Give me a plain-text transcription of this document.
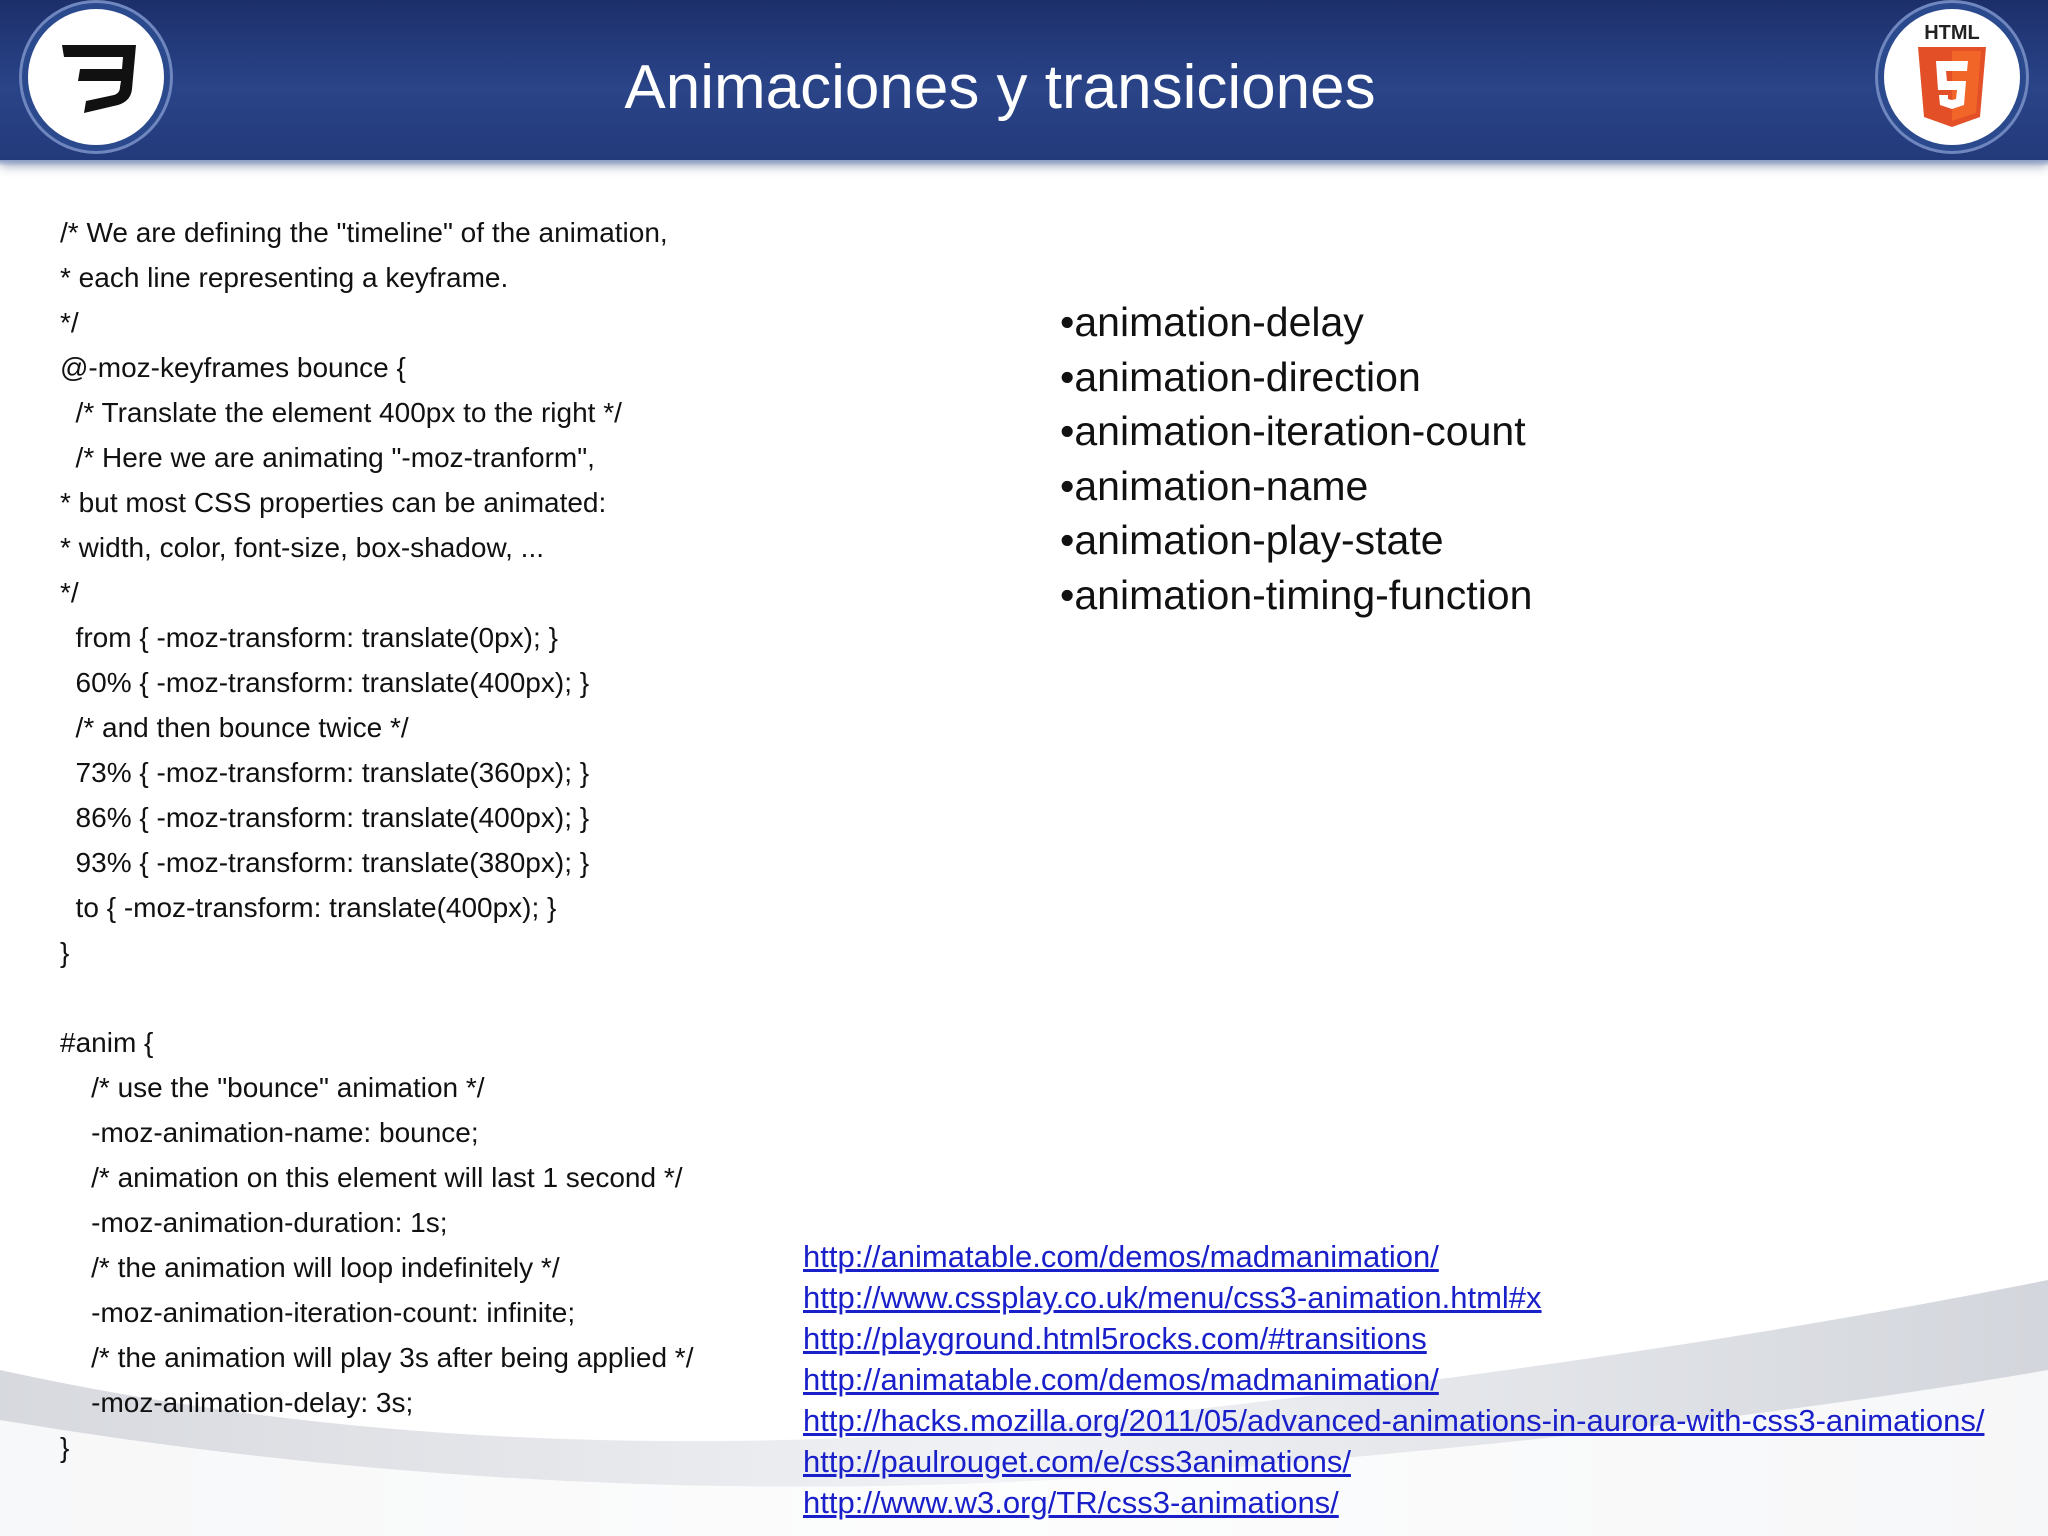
Animaciones y transiciones
HTML
/* We are defining the "timeline" of the animation,
* each line representing a keyframe.
*/
@-moz-keyframes bounce {
/* Translate the element 400px to the right */
/* Here we are animating "-moz-tranform",
* but most CSS properties can be animated:
* width, color, font-size, box-shadow, ...
*/
from { -moz-transform: translate(0px); }
60% { -moz-transform: translate(400px); }
/* and then bounce twice */
73% { -moz-transform: translate(360px); }
86% { -moz-transform: translate(400px); }
93% { -moz-transform: translate(380px); }
to { -moz-transform: translate(400px); }
}
#anim {
/* use the "bounce" animation */
-moz-animation-name: bounce;
/* animation on this element will last 1 second */
-moz-animation-duration: 1s;
/* the animation will loop indefinitely */
-moz-animation-iteration-count: infinite;
/* the animation will play 3s after being applied */
-moz-animation-delay: 3s;
}
•animation-delay
•animation-direction
•animation-iteration-count
•animation-name
•animation-play-state
•animation-timing-function
http://animatable.com/demos/madmanimation/
http://www.cssplay.co.uk/menu/css3-animation.html#x
http://playground.html5rocks.com/#transitions
http://animatable.com/demos/madmanimation/
http://hacks.mozilla.org/2011/05/advanced-animations-in-aurora-with-css3-animations/
http://paulrouget.com/e/css3animations/
http://www.w3.org/TR/css3-animations/
